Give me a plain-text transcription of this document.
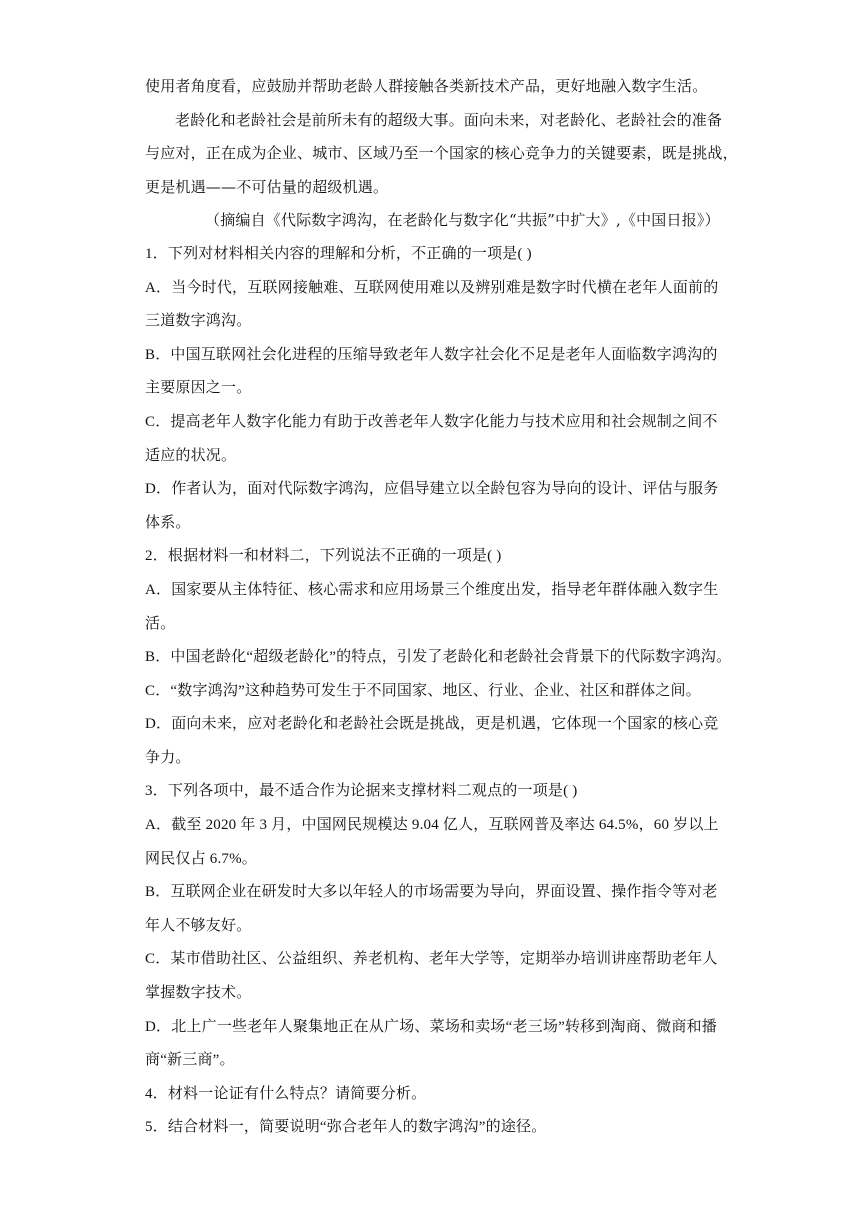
使用者角度看，应鼓励并帮助老龄人群接触各类新技术产品，更好地融入数字生活。
老龄化和老龄社会是前所未有的超级大事。面向未来，对老龄化、老龄社会的准备
与应对，正在成为企业、城市、区域乃至一个国家的核心竞争力的关键要素，既是挑战，
更是机遇——不可估量的超级机遇。
（摘编自《代际数字鸿沟，在老龄化与数字化“共振”中扩大》,《中国日报》）
1．下列对材料相关内容的理解和分析，不正确的一项是( )
A．当今时代，互联网接触难、互联网使用难以及辨别难是数字时代横在老年人面前的
三道数字鸿沟。
B．中国互联网社会化进程的压缩导致老年人数字社会化不足是老年人面临数字鸿沟的
主要原因之一。
C．提高老年人数字化能力有助于改善老年人数字化能力与技术应用和社会规制之间不
适应的状况。
D．作者认为，面对代际数字鸿沟，应倡导建立以全龄包容为导向的设计、评估与服务
体系。
2．根据材料一和材料二，下列说法不正确的一项是( )
A．国家要从主体特征、核心需求和应用场景三个维度出发，指导老年群体融入数字生
活。
B．中国老龄化“超级老龄化”的特点，引发了老龄化和老龄社会背景下的代际数字鸿沟。
C．“数字鸿沟”这种趋势可发生于不同国家、地区、行业、企业、社区和群体之间。
D．面向未来，应对老龄化和老龄社会既是挑战，更是机遇，它体现一个国家的核心竞
争力。
3．下列各项中，最不适合作为论据来支撑材料二观点的一项是( )
A．截至 2020 年 3 月，中国网民规模达 9.04 亿人，互联网普及率达 64.5%，60 岁以上
网民仅占 6.7%。
B．互联网企业在研发时大多以年轻人的市场需要为导向，界面设置、操作指令等对老
年人不够友好。
C．某市借助社区、公益组织、养老机构、老年大学等，定期举办培训讲座帮助老年人
掌握数字技术。
D．北上广一些老年人聚集地正在从广场、菜场和卖场“老三场”转移到淘商、微商和播
商“新三商”。
4．材料一论证有什么特点？请简要分析。
5．结合材料一，简要说明“弥合老年人的数字鸿沟”的途径。
